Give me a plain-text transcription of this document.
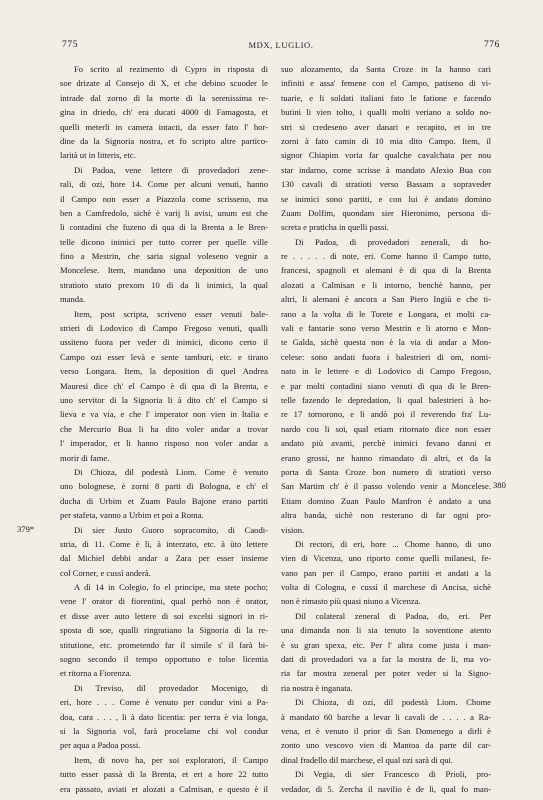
775	MDX, LUGLIO.	776
379*
380
Fo scrito al rezimento di Cypro in risposta di
soe drizate al Consejo di X, et che debino scuoder le
intrade dal zorno di la morte di la serenissima re-
gina in driedo, ch' era ducati 4000 di Famagosta, et
quelli meterli in camera intacti, da esser fato l' hor-
dine da la Signoria nostra, et fo scripto altre partico-
larità ut in litteris, etc.
Di Padoa, vene lettere di provedadori zene-
rali, di ozi, hore 14. Come per alcuni venuti, hanno
il Campo non esser a Piazzola come scrisseno, ma
ben a Camfredolo, sichè è varij li avisi, unum est che
li contadini che fuzeno di qua di la Brenta a le Bren-
telle dicono inimici per tutto correr per quelle ville
fino a Mestrin, che saria signal voleseno vegnir a
Moncelese. Item, mandano una deposition de uno
stratioto stato prexom 10 di da li inimici, la qual
manda.
Item, post scripta, scriveno esser venuti bale-
strieri di Lodovico di Campo Fregoso venuti, qualli
ussiteno fuora per veder di inimici, dicono certo il
Campo ozi esser levà e sente tamburi, etc. e tirano
verso Longara. Item, la deposition di quel Andrea
Mauresi dice ch' el Campo è di qua di la Brenta, e
uno servitor di la Signoria li à dito ch' el Campo si
lieva e va via, e che l' imperator non vien in Italia e
che Mercurio Bua li ha dito voler andar a trovar
l' imperador, et li hanno risposo non voler andar a
morir di fame.
Di Chioza, dil podestà Liom. Come è venuto
uno bolognese, è zorni 8 parti di Bologna, e ch' el
ducha di Urbim et Zuam Paulo Bajone erano partiti
per stafeta, vanno a Urbim et poi a Roma.
Di sier Justo Guoro sopracomito, di Caodi-
stria, di 11. Come è lì, à interzato, etc. à ùto lettere
dal Michiel debbi andar a Zara per esser insieme
col Corner, e cussì anderà.
A dì 14 in Colegio, fo el principe, ma stete pocho;
vene l' orator di fiorentini, qual perhò non è orator,
et disse aver auto lettere di soi excelsi signori in ri-
sposta di soe, qualli ringratiano la Signoria di la re-
stitutione, etc. prometendo far il simile s' il farà bi-
sogno secondo il tempo opportuno e tolse licentia
et ritorna a Fiorenza.
Di Treviso, dil provedador Mocenigo, di
eri, hore . . . Come è venuto per condur vini a Pa-
doa, cara . . . , li à dato licentia: per terra è via longa,
si la Signoria vol, farà procelame chi vol condur
per aqua a Padoa possi.
Item, di novo ha, per soi exploratori, il Campo
tutto esser passà di la Brenta, et eri a hore 22 tutto
era passato, aviati et alozati a Calmisan, e questo è il
suo alozamento, da Santa Croze in la hanno cari
infiniti e assa' femene con el Campo, patiseno di vi-
tuarie, e li soldati italiani fato le fatione e facendo
butini li vien tolto, i qualli molti veriano a soldo no-
stri si credeseno aver danari e recapito, et in tre
zorni à fato camin di 10 mia dito Campo. Item, il
signor Chiapim voria far qualche cavalchata per nou
star indarno, come scrisse à mandato Alexio Bua con
130 cavali di stratioti verso Bassam a sopraveder
se inimici sono partiti, e con lui è andato domino
Zuam Dolfim, quondam sier Hieronimo, persona di-
screta e praticha in quelli passi.
Di Padoa, di provedadori zenerali, di ho-
re . . . . . di note, eri. Come hanno il Campo tutto,
francesi, spagnoli et alemani è di qua di la Brenta
alozati a Calmisan e li intorno, benchè hanno, per
altri, li alemani è ancora a San Piero Ingiù e che ti-
rano a la volta di le Torete e Longara, et molti ca-
vali e fantarie sono verso Mestrin e li atorno e Mon-
te Galda, sichè questa non è la via di andar a Mon-
celese: sono andati fuora i balestrieri di om, nomi-
nato in le lettere e di Lodovico di Campo Fregoso,
e par molti contadini siano venuti di qua di le Bren-
telle fazendo le depredation, li qual balestrieri à ho-
re 17 tornorono, e li andò poi il reverendo fra' Lu-
nardo cou li soi, qual etiam ritornato dice non esser
andato più avanti, perchè inimici fevano danni et
erano grossi, ne hanno rimandato di altri, et da la
porta di Santa Croze bon numero di stratioti verso
San Martim ch' è il passo volendo venir a Moncelese.
Etiam domino Zuan Paulo Manfron è andato a una
altra banda, sichè non resterano di far ogni pro-
vision.
Di rectori, di eri, hore ... Chome hanno, di uno
vien di Vicenza, uno riporto come quelli milanesi, fe-
vano pan per il Campo, erano partiti et andati a la
volta di Cologna, e cussì il marchese di Ancisa, sichè
non è rimasto più quasi niuno a Vicenza.
Dil colateral zeneral di Padoa, do, eri. Per
una dimanda non li sia tenuto la soventione atento
è su gran spexa, etc. Per l' altra come justa i man-
dati di provedadori va a far la mostra de li, ma vo-
ria far mostra zeneral per poter veder si la Signo-
ria nostra è inganata.
Di Chioza, di ozi, dil podestà Liom. Chome
à mandato 60 barche a levar li cavali de . . . . a Ra-
vena, et è venuto il prior di San Domenego a dirli è
zonto uno vescovo vien di Mantoa da parte dil car-
dinal fradello dil marchese, el qual ozi sarà di qui.
Di Vegia, di sier Francesco di Prioli, pro-
vedador, di 5. Zercha il navilio è de li, qual fo man-
